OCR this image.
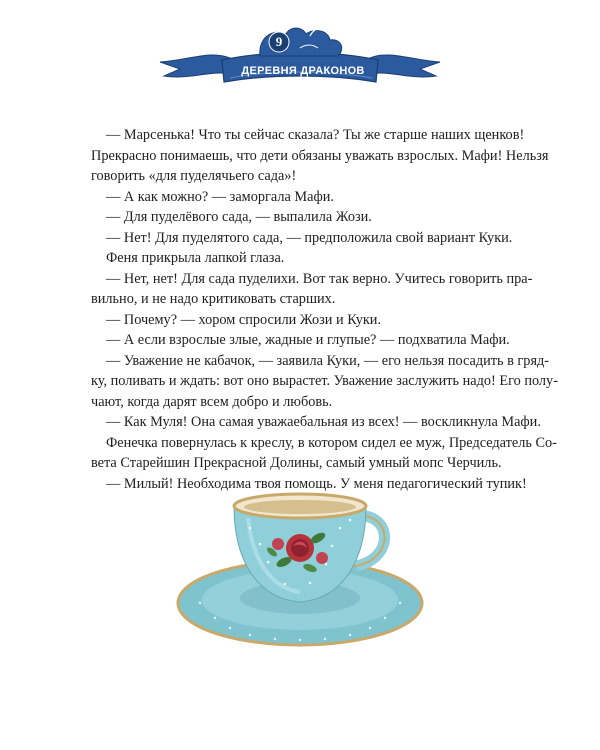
9
ДЕРЕВНЯ ДРАКОНОВ
— Марсенька! Что ты сейчас сказала? Ты же старше наших щенков!
Прекрасно понимаешь, что дети обязаны уважать взрослых. Мафи! Нельзя
говорить «для пуделячьего сада»!
— А как можно? — заморгала Мафи.
— Для пуделёвого сада, — выпалила Жози.
— Нет! Для пуделятого сада, — предположила свой вариант Куки.
Феня прикрыла лапкой глаза.
— Нет, нет! Для сада пуделихи. Вот так верно. Учитесь говорить пра-
вильно, и не надо критиковать старших.
— Почему? — хором спросили Жози и Куки.
— А если взрослые злые, жадные и глупые? — подхватила Мафи.
— Уважение не кабачок, — заявила Куки, — его нельзя посадить в гряд-
ку, поливать и ждать: вот оно вырастет. Уважение заслужить надо! Его полу-
чают, когда дарят всем добро и любовь.
— Как Муля! Она самая уважаебальная из всех! — воскликнула Мафи.
Фенечка повернулась к креслу, в котором сидел ее муж, Председатель Со-
вета Старейшин Прекрасной Долины, самый умный мопс Черчиль.
— Милый! Необходима твоя помощь. У меня педагогический тупик!
